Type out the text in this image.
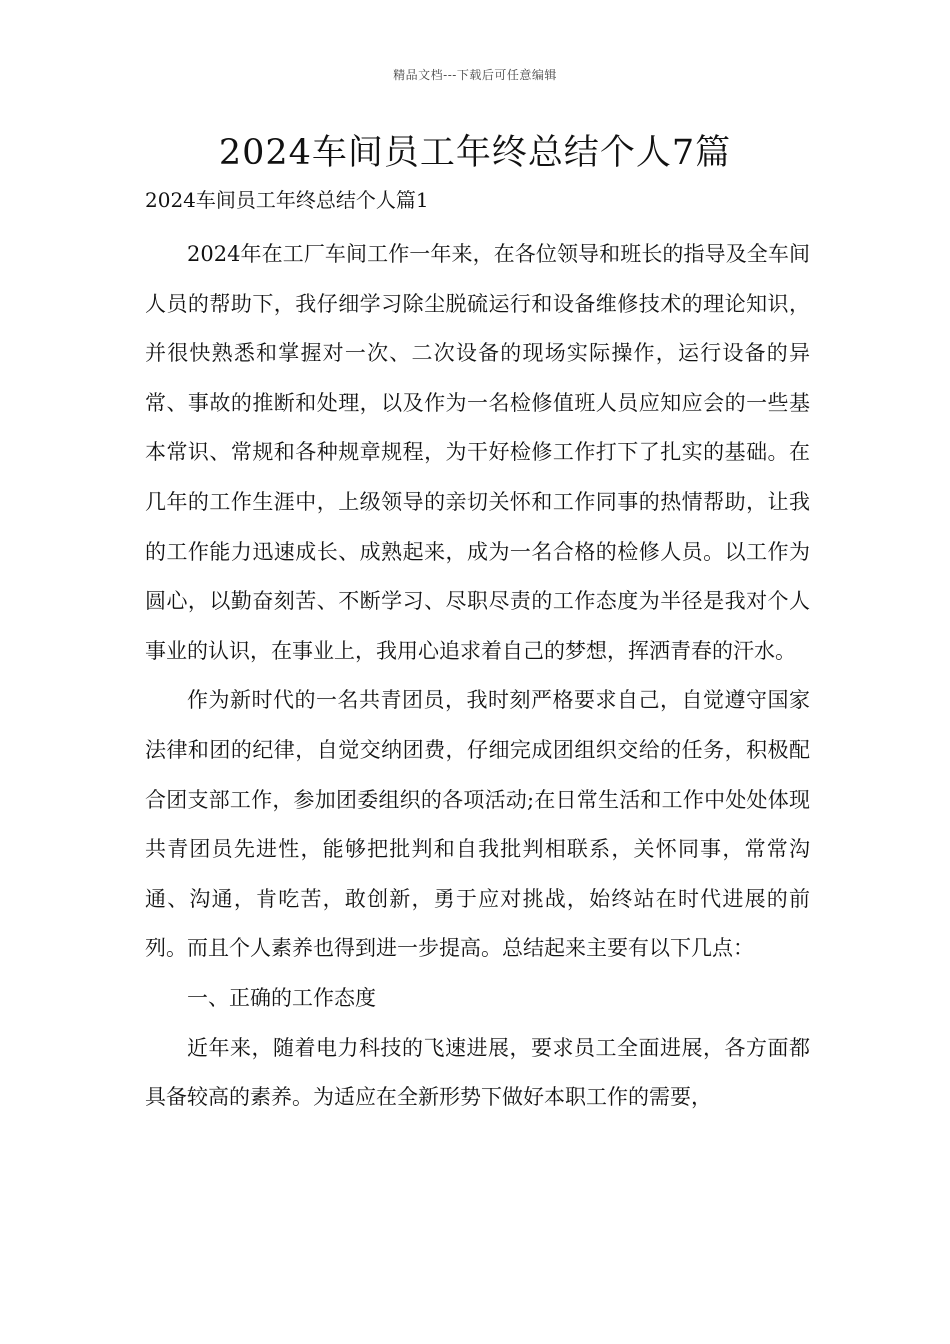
精品文档---下载后可任意编辑
2024车间员工年终总结个人7篇
2024车间员工年终总结个人篇1

2024年在工厂车间工作一年来，在各位领导和班长的指导及全车间人员的帮助下，我仔细学习除尘脱硫运行和设备维修技术的理论知识，并很快熟悉和掌握对一次、二次设备的现场实际操作，运行设备的异常、事故的推断和处理，以及作为一名检修值班人员应知应会的一些基本常识、常规和各种规章规程，为干好检修工作打下了扎实的基础。在几年的工作生涯中，上级领导的亲切关怀和工作同事的热情帮助，让我的工作能力迅速成长、成熟起来，成为一名合格的检修人员。以工作为圆心，以勤奋刻苦、不断学习、尽职尽责的工作态度为半径是我对个人事业的认识，在事业上，我用心追求着自己的梦想，挥洒青春的汗水。

作为新时代的一名共青团员，我时刻严格要求自己，自觉遵守国家法律和团的纪律，自觉交纳团费，仔细完成团组织交给的任务，积极配合团支部工作，参加团委组织的各项活动;在日常生活和工作中处处体现共青团员先进性，能够把批判和自我批判相联系，关怀同事，常常沟通、沟通，肯吃苦，敢创新，勇于应对挑战，始终站在时代进展的前列。而且个人素养也得到进一步提高。总结起来主要有以下几点：

一、正确的工作态度

近年来，随着电力科技的飞速进展，要求员工全面进展，各方面都具备较高的素养。为适应在全新形势下做好本职工作的需要，
